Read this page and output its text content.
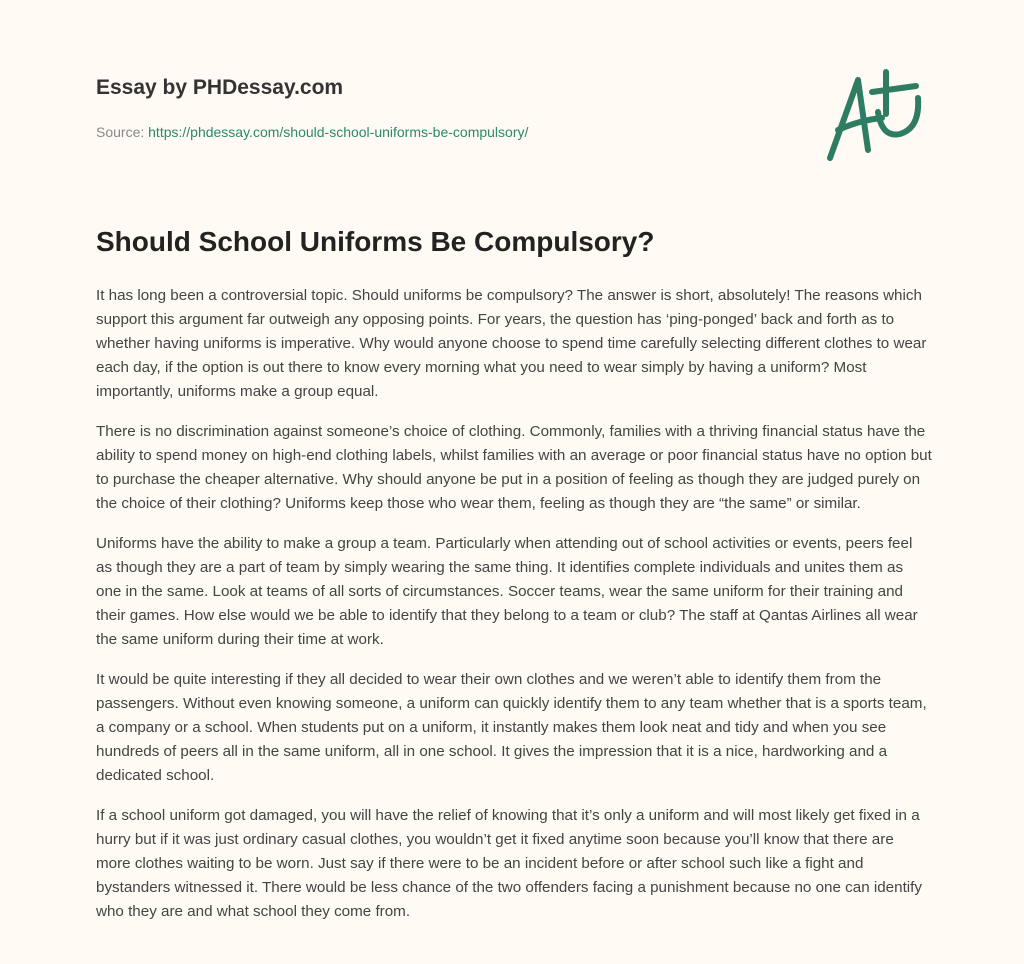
Essay by PHDessay.com
Source: https://phdessay.com/should-school-uniforms-be-compulsory/
Should School Uniforms Be Compulsory?

It has long been a controversial topic. Should uniforms be compulsory? The answer is short, absolutely! The reasons which support this argument far outweigh any opposing points. For years, the question has ‘ping-ponged’ back and forth as to whether having uniforms is imperative. Why would anyone choose to spend time carefully selecting different clothes to wear each day, if the option is out there to know every morning what you need to wear simply by having a uniform? Most importantly, uniforms make a group equal.

There is no discrimination against someone’s choice of clothing. Commonly, families with a thriving financial status have the ability to spend money on high-end clothing labels, whilst families with an average or poor financial status have no option but to purchase the cheaper alternative. Why should anyone be put in a position of feeling as though they are judged purely on the choice of their clothing? Uniforms keep those who wear them, feeling as though they are “the same” or similar.

Uniforms have the ability to make a group a team. Particularly when attending out of school activities or events, peers feel as though they are a part of team by simply wearing the same thing. It identifies complete individuals and unites them as one in the same. Look at teams of all sorts of circumstances. Soccer teams, wear the same uniform for their training and their games. How else would we be able to identify that they belong to a team or club? The staff at Qantas Airlines all wear the same uniform during their time at work.

It would be quite interesting if they all decided to wear their own clothes and we weren’t able to identify them from the passengers. Without even knowing someone, a uniform can quickly identify them to any team whether that is a sports team, a company or a school. When students put on a uniform, it instantly makes them look neat and tidy and when you see hundreds of peers all in the same uniform, all in one school. It gives the impression that it is a nice, hardworking and a dedicated school.

If a school uniform got damaged, you will have the relief of knowing that it’s only a uniform and will most likely get fixed in a hurry but if it was just ordinary casual clothes, you wouldn’t get it fixed anytime soon because you’ll know that there are more clothes waiting to be worn. Just say if there were to be an incident before or after school such like a fight and bystanders witnessed it. There would be less chance of the two offenders facing a punishment because no one can identify who they are and what school they come from.
